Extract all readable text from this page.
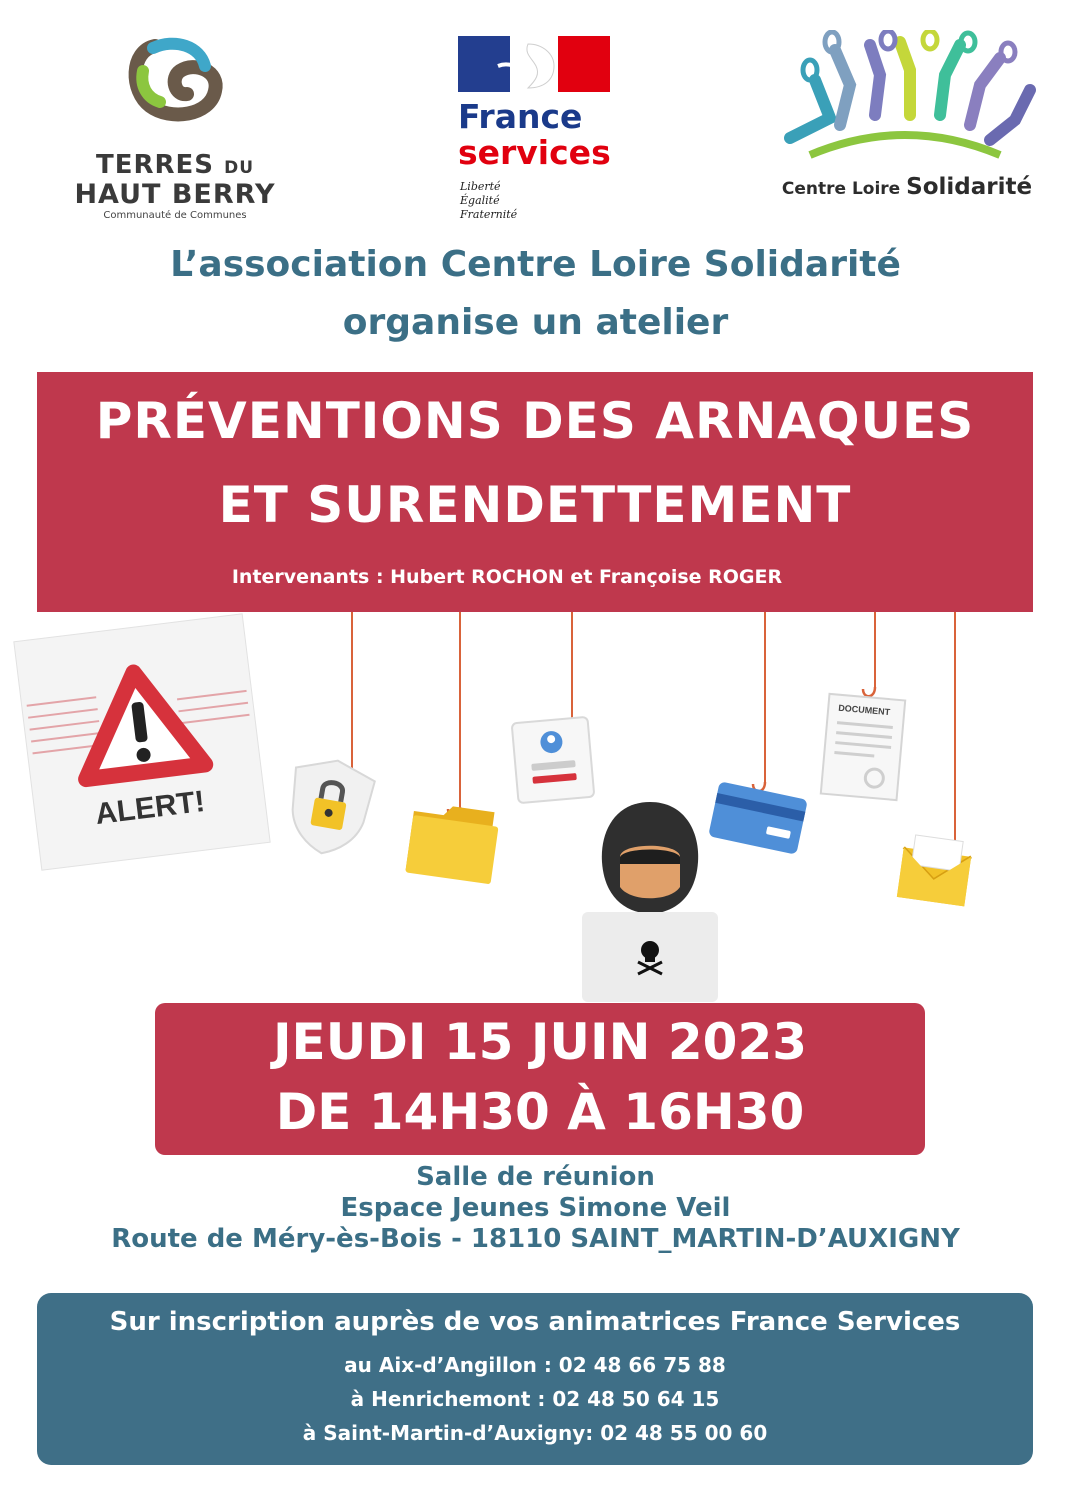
TERRES DU
HAUT BERRY
Communauté de Communes
France
services
Liberté
Égalité
Fraternité
Centre Loire Solidarité
L’association Centre Loire Solidarité
organise un atelier
PRÉVENTIONS DES ARNAQUES
ET SURENDETTEMENT
Intervenants : Hubert ROCHON et Françoise ROGER
ALERT!
DOCUMENT
JEUDI 15 JUIN 2023
DE 14H30 À 16H30
Salle de réunion
Espace Jeunes Simone Veil
Route de Méry-ès-Bois - 18110 SAINT_MARTIN-D’AUXIGNY
Sur inscription auprès de vos animatrices France Services
au Aix-d’Angillon : 02 48 66 75 88
à Henrichemont : 02 48 50 64 15
à Saint-Martin-d’Auxigny: 02 48 55 00 60
